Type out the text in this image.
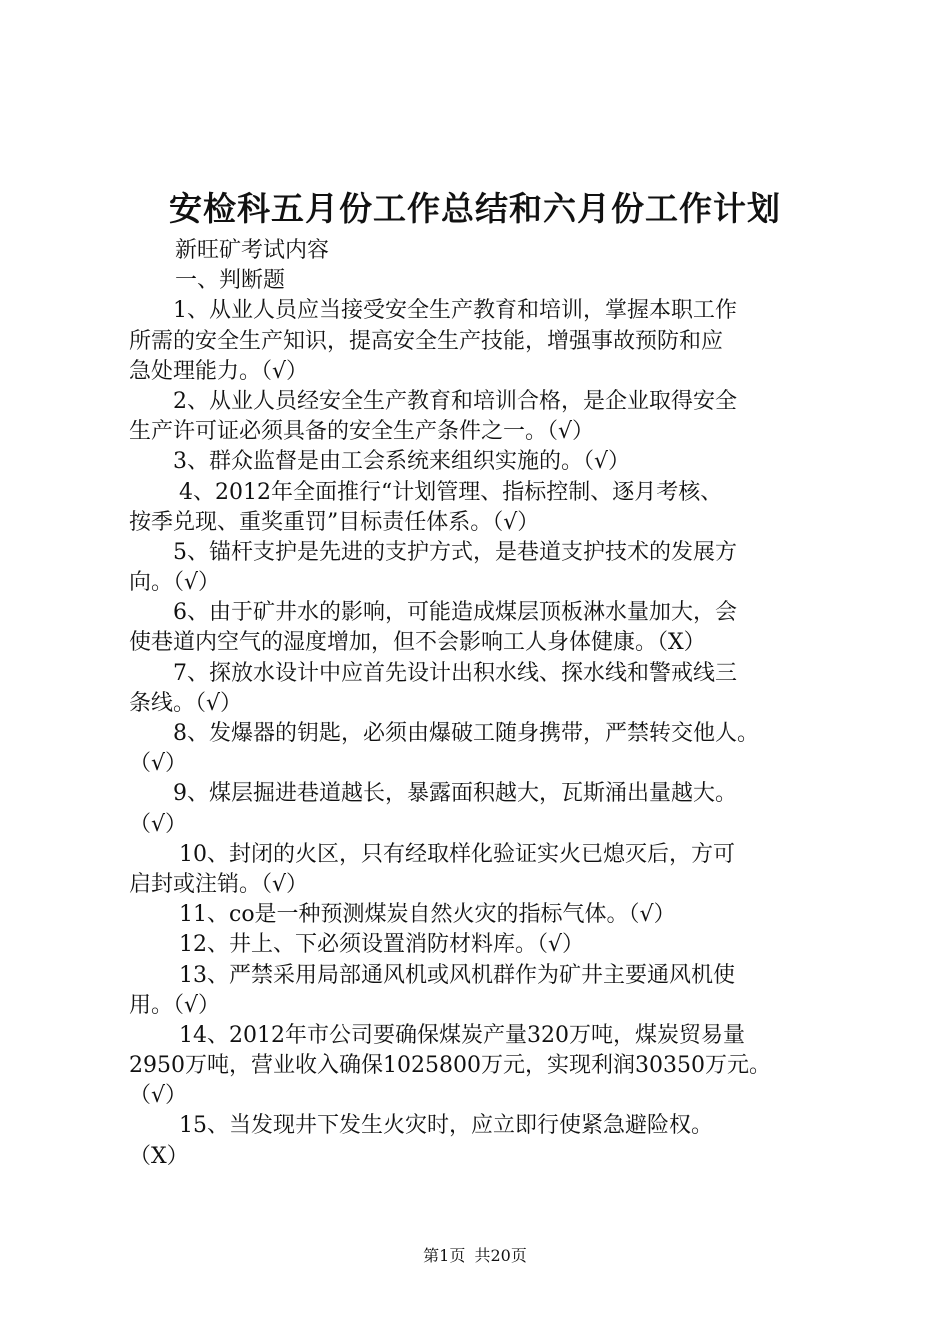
安检科五月份工作总结和六月份工作计划
新旺矿考试内容
一、判断题
1、从业人员应当接受安全生产教育和培训，掌握本职工作
所需的安全生产知识，提高安全生产技能，增强事故预防和应
急处理能力。（√）
2、从业人员经安全生产教育和培训合格，是企业取得安全
生产许可证必须具备的安全生产条件之一。（√）
3、群众监督是由工会系统来组织实施的。（√）
4、2012年全面推行“计划管理、指标控制、逐月考核、
按季兑现、重奖重罚”目标责任体系。（√）
5、锚杆支护是先进的支护方式，是巷道支护技术的发展方
向。（√）
6、由于矿井水的影响，可能造成煤层顶板淋水量加大，会
使巷道内空气的湿度增加，但不会影响工人身体健康。（X）
7、探放水设计中应首先设计出积水线、探水线和警戒线三
条线。（√）
8、发爆器的钥匙，必须由爆破工随身携带，严禁转交他人。
（√）
9、煤层掘进巷道越长，暴露面积越大，瓦斯涌出量越大。
（√）
10、封闭的火区，只有经取样化验证实火已熄灭后，方可
启封或注销。（√）
11、co是一种预测煤炭自然火灾的指标气体。（√）
12、井上、下必须设置消防材料库。（√）
13、严禁采用局部通风机或风机群作为矿井主要通风机使
用。（√）
14、2012年市公司要确保煤炭产量320万吨，煤炭贸易量
2950万吨，营业收入确保1025800万元，实现利润30350万元。
（√）
15、当发现井下发生火灾时，应立即行使紧急避险权。
（X）
第1页 共20页
